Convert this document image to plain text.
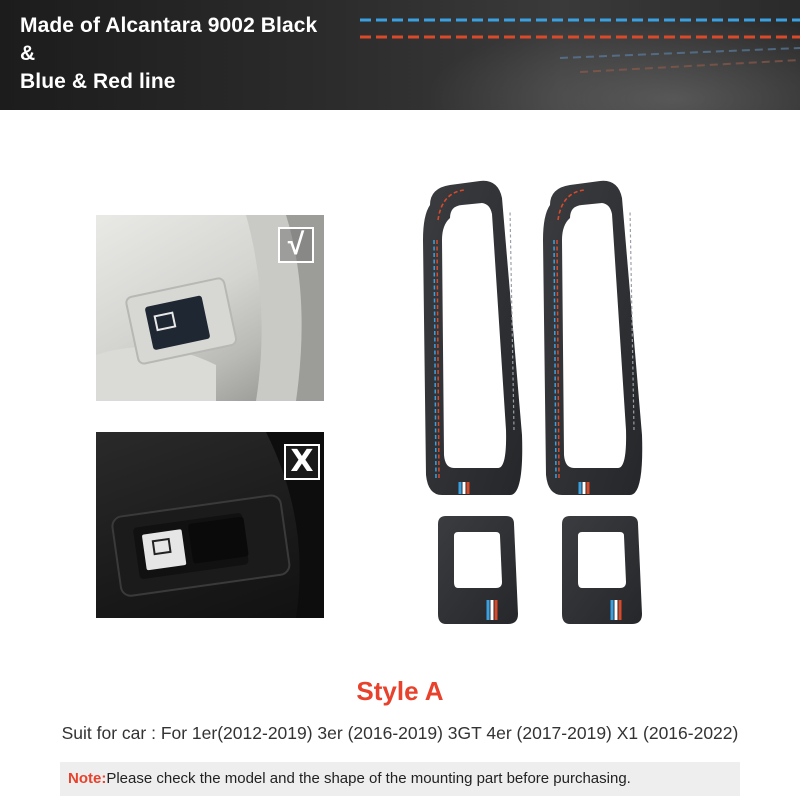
Made of Alcantara 9002 Black
&
Blue & Red line
√
X
Style A
Suit for car : For 1er(2012-2019) 3er (2016-2019) 3GT 4er (2017-2019) X1 (2016-2022)
Note:Please check the model and the shape of the mounting part before purchasing.
